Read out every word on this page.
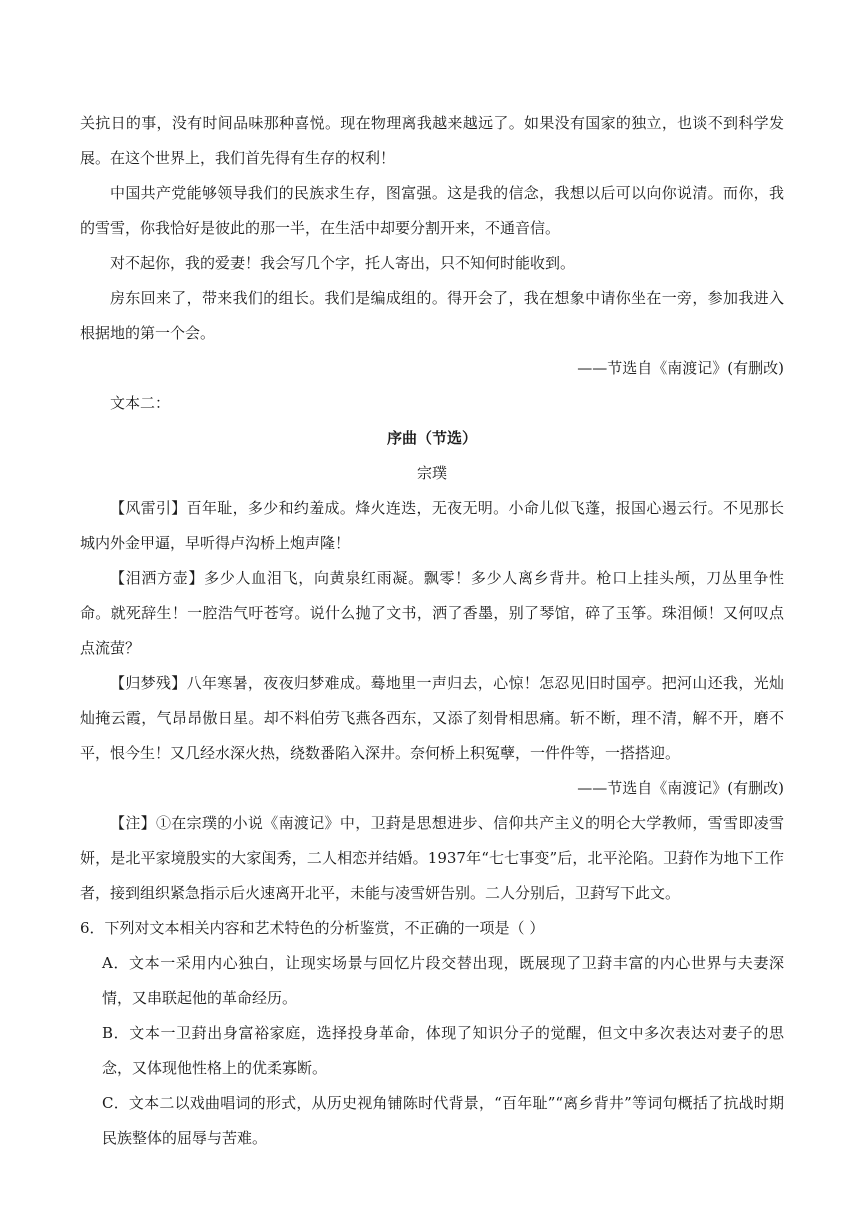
关抗日的事，没有时间品味那种喜悦。现在物理离我越来越远了。如果没有国家的独立，也谈不到科学发展。在这个世界上，我们首先得有生存的权利！

中国共产党能够领导我们的民族求生存，图富强。这是我的信念，我想以后可以向你说清。而你，我的雪雪，你我恰好是彼此的那一半，在生活中却要分割开来，不通音信。

对不起你，我的爱妻！我会写几个字，托人寄出，只不知何时能收到。

房东回来了，带来我们的组长。我们是编成组的。得开会了，我在想象中请你坐在一旁，参加我进入根据地的第一个会。

——节选自《南渡记》(有删改)

文本二：

序曲（节选）

宗璞

【风雷引】百年耻，多少和约羞成。烽火连迭，无夜无明。小命儿似飞蓬，报国心遏云行。不见那长城内外金甲逼，早听得卢沟桥上炮声隆！

【泪洒方壶】多少人血泪飞，向黄泉红雨凝。飘零！多少人离乡背井。枪口上挂头颅，刀丛里争性命。就死辞生！一腔浩气吁苍穹。说什么抛了文书，洒了香墨，别了琴馆，碎了玉筝。珠泪倾！又何叹点点流萤？

【归梦残】八年寒暑，夜夜归梦难成。蓦地里一声归去，心惊！怎忍见旧时国亭。把河山还我，光灿灿掩云霞，气昂昂傲日星。却不料伯劳飞燕各西东，又添了刻骨相思痛。斩不断，理不清，解不开，磨不平，恨今生！又几经水深火热，绕数番陷入深井。奈何桥上积冤孽，一件件等，一搭搭迎。

——节选自《南渡记》(有删改)

【注】①在宗璞的小说《南渡记》中，卫葑是思想进步、信仰共产主义的明仑大学教师，雪雪即凌雪妍，是北平家境殷实的大家闺秀，二人相恋并结婚。1937年“七七事变”后，北平沦陷。卫葑作为地下工作者，接到组织紧急指示后火速离开北平，未能与凌雪妍告别。二人分别后，卫葑写下此文。

6．下列对文本相关内容和艺术特色的分析鉴赏，不正确的一项是（ ）

A．文本一采用内心独白，让现实场景与回忆片段交替出现，既展现了卫葑丰富的内心世界与夫妻深情，又串联起他的革命经历。

B．文本一卫葑出身富裕家庭，选择投身革命，体现了知识分子的觉醒，但文中多次表达对妻子的思念，又体现他性格上的优柔寡断。

C．文本二以戏曲唱词的形式，从历史视角铺陈时代背景，“百年耻”“离乡背井”等词句概括了抗战时期民族整体的屈辱与苦难。
